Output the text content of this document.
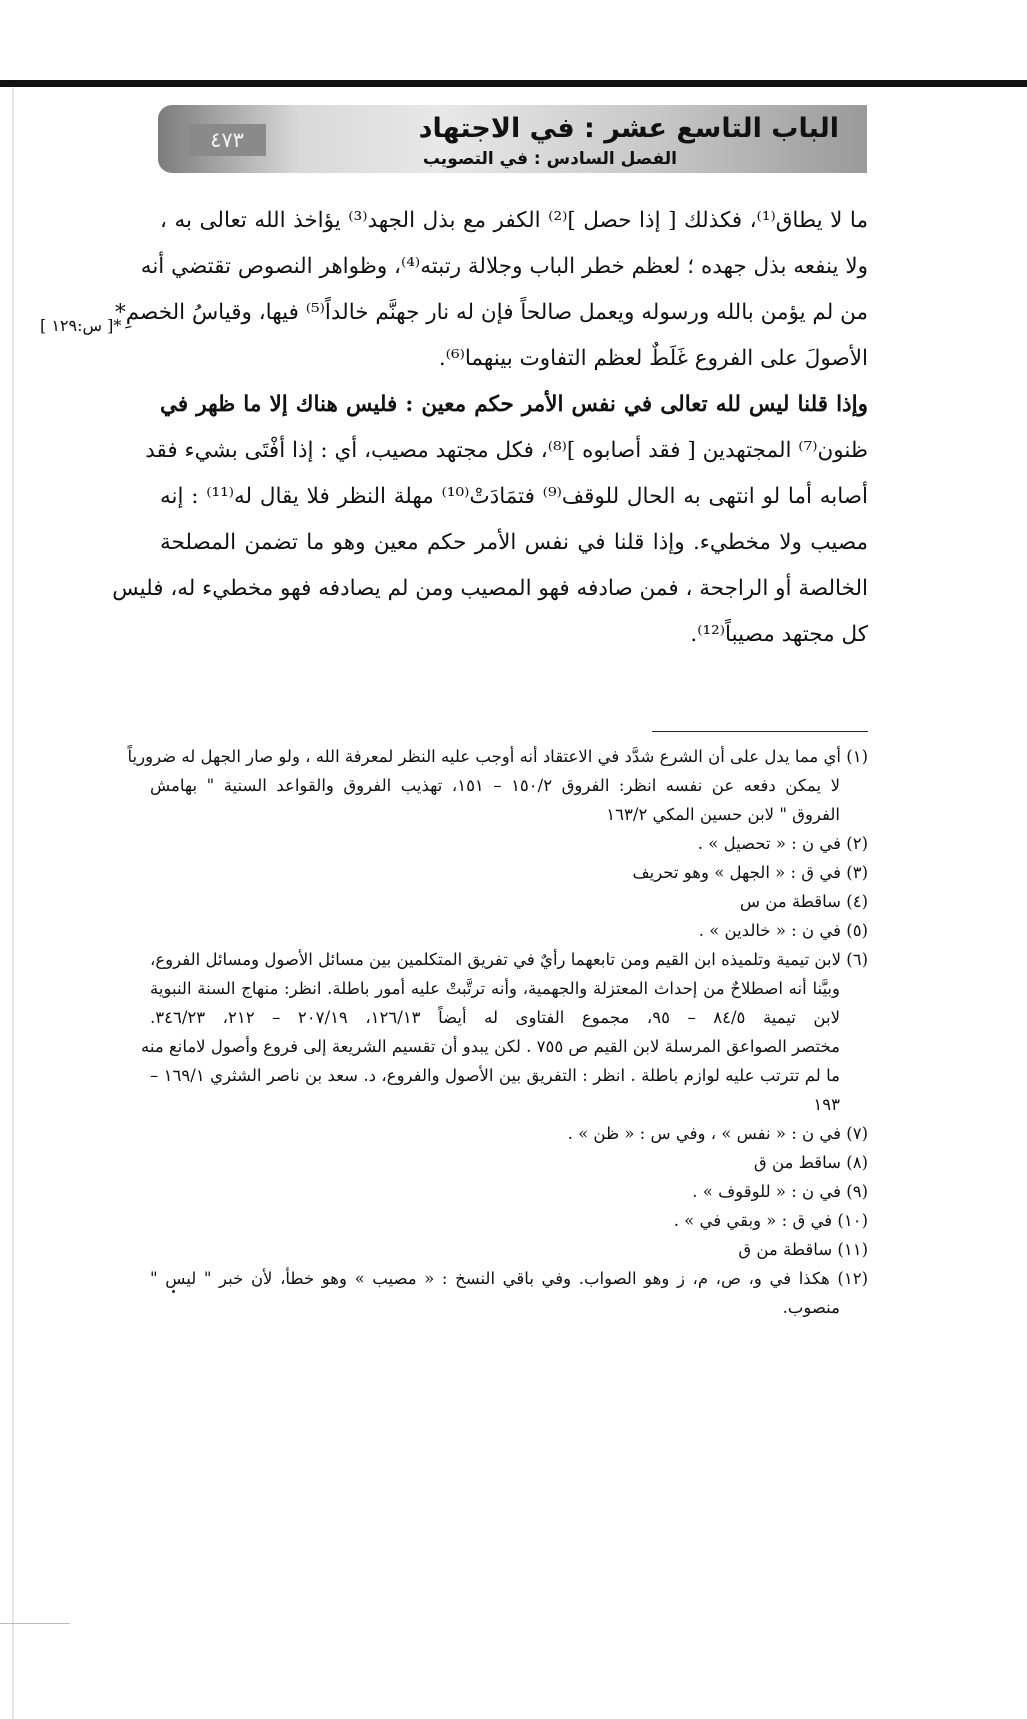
الباب التاسع عشر : في الاجتهاد
الفصل السادس : في التصويب
٤٧٣
*[ س:١٢٩ ]
ما لا يطاق⁽¹⁾، فكذلك [ إذا حصل ]⁽²⁾ الكفر مع بذل الجهد⁽³⁾ يؤاخذ الله تعالى به ،
ولا ينفعه بذل جهده ؛ لعظم خطر الباب وجلالة رتبته⁽⁴⁾، وظواهر النصوص تقتضي أنه
من لم يؤمن بالله ورسوله ويعمل صالحاً فإن له نار جهنَّم خالداً⁽⁵⁾ فيها، وقياسُ الخصمِ*
الأصولَ على الفروع غَلَطٌ لعظم التفاوت بينهما⁽⁶⁾.
وإذا قلنا ليس لله تعالى في نفس الأمر حكم معين : فليس هناك إلا ما ظهر في
ظنون⁽⁷⁾ المجتهدين [ فقد أصابوه ]⁽⁸⁾، فكل مجتهد مصيب، أي : إذا أفْتَى بشيء فقد
أصابه أما لو انتهى به الحال للوقف⁽⁹⁾ فتمَادَتْ⁽¹⁰⁾ مهلة النظر فلا يقال له⁽¹¹⁾ : إنه
مصيب ولا مخطيء. وإذا قلنا في نفس الأمر حكم معين وهو ما تضمن المصلحة
الخالصة أو الراجحة ، فمن صادفه فهو المصيب ومن لم يصادفه فهو مخطيء له، فليس
كل مجتهد مصيباً⁽¹²⁾.
(١) أي مما يدل على أن الشرع شدَّد في الاعتقاد أنه أوجب عليه النظر لمعرفة الله ، ولو صار الجهل له ضرورياً
لا يمكن دفعه عن نفسه انظر: الفروق ١٥٠/٢ – ١٥١، تهذيب الفروق والقواعد السنية " بهامش
الفروق " لابن حسين المكي ١٦٣/٢
(٢) في ن : « تحصيل » .
(٣) في ق : « الجهل » وهو تحريف
(٤) ساقطة من س
(٥) في ن : « خالدين » .
(٦) لابن تيمية وتلميذه ابن القيم ومن تابعهما رأيٌ في تفريق المتكلمين بين مسائل الأصول ومسائل الفروع،
وبيَّنا أنه اصطلاحٌ من إحداث المعتزلة والجهمية، وأنه ترتَّبتْ عليه أمور باطلة. انظر: منهاج السنة النبوية
لابن تيمية ٨٤/٥ – ٩٥، مجموع الفتاوى له أيضاً ١٢٦/١٣، ٢٠٧/١٩ – ٢١٢، ٣٤٦/٢٣.
مختصر الصواعق المرسلة لابن القيم ص ٧٥٥ . لكن يبدو أن تقسيم الشريعة إلى فروع وأصول لامانع منه
ما لم تترتب عليه لوازم باطلة . انظر : التفريق بين الأصول والفروع، د. سعد بن ناصر الشثري ١٦٩/١ –
١٩٣
(٧) في ن : « نفس » ، وفي س : « ظن » .
(٨) ساقط من ق
(٩) في ن : « للوقوف » .
(١٠) في ق : « وبقي في » .
(١١) ساقطة من ق
(١٢) هكذا في و، ص، م، ز وهو الصواب. وفي باقي النسخ : « مصيب » وهو خطأ، لأن خبر " ليس "
منصوب.
